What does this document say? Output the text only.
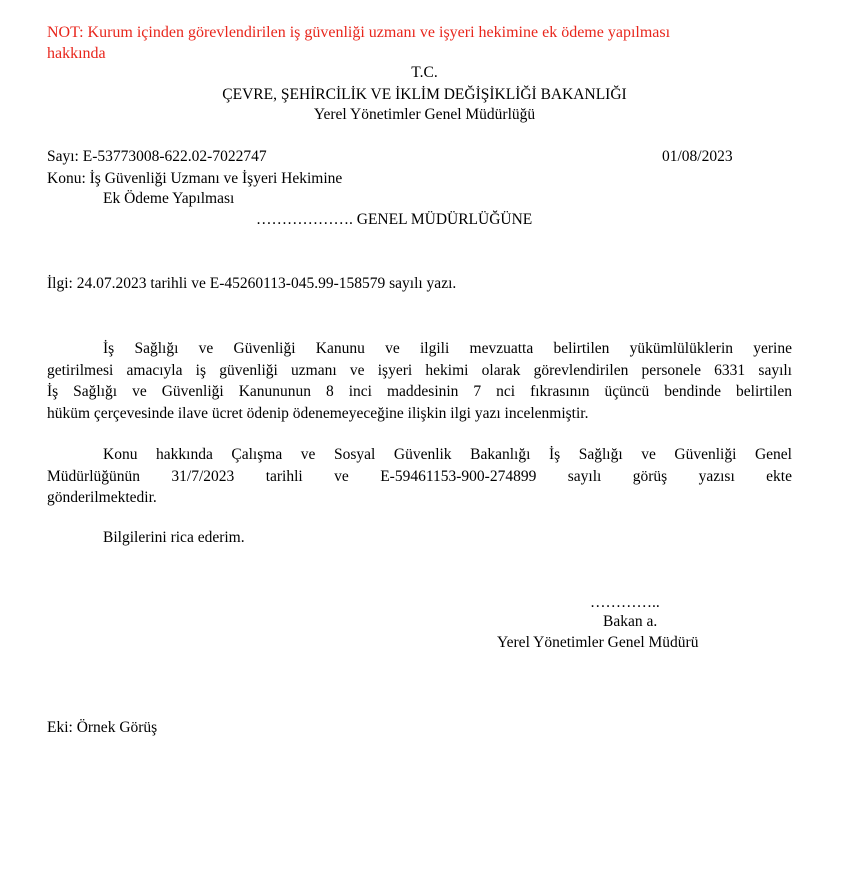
NOT: Kurum içinden görevlendirilen iş güvenliği uzmanı ve işyeri hekimine ek ödeme yapılması
hakkında
T.C.
ÇEVRE, ŞEHİRCİLİK VE İKLİM DEĞİŞİKLİĞİ BAKANLIĞI
Yerel Yönetimler Genel Müdürlüğü
Sayı: E-53773008-622.02-7022747	01/08/2023
Konu: İş Güvenliği Uzmanı ve İşyeri Hekimine
Ek Ödeme Yapılması
………………. GENEL MÜDÜRLÜĞÜNE
İlgi: 24.07.2023 tarihli ve E-45260113-045.99-158579 sayılı yazı.
İş Sağlığı ve Güvenliği Kanunu ve ilgili mevzuatta belirtilen yükümlülüklerin yerine
getirilmesi amacıyla iş güvenliği uzmanı ve işyeri hekimi olarak görevlendirilen personele 6331 sayılı
İş Sağlığı ve Güvenliği Kanununun 8 inci maddesinin 7 nci fıkrasının üçüncü bendinde belirtilen
hüküm çerçevesinde ilave ücret ödenip ödenemeyeceğine ilişkin ilgi yazı incelenmiştir.
Konu hakkında Çalışma ve Sosyal Güvenlik Bakanlığı İş Sağlığı ve Güvenliği Genel
Müdürlüğünün 31/7/2023 tarihli ve E-59461153-900-274899 sayılı görüş yazısı ekte
gönderilmektedir.
Bilgilerini rica ederim.
…………..
Bakan a.
Yerel Yönetimler Genel Müdürü
Eki: Örnek Görüş
